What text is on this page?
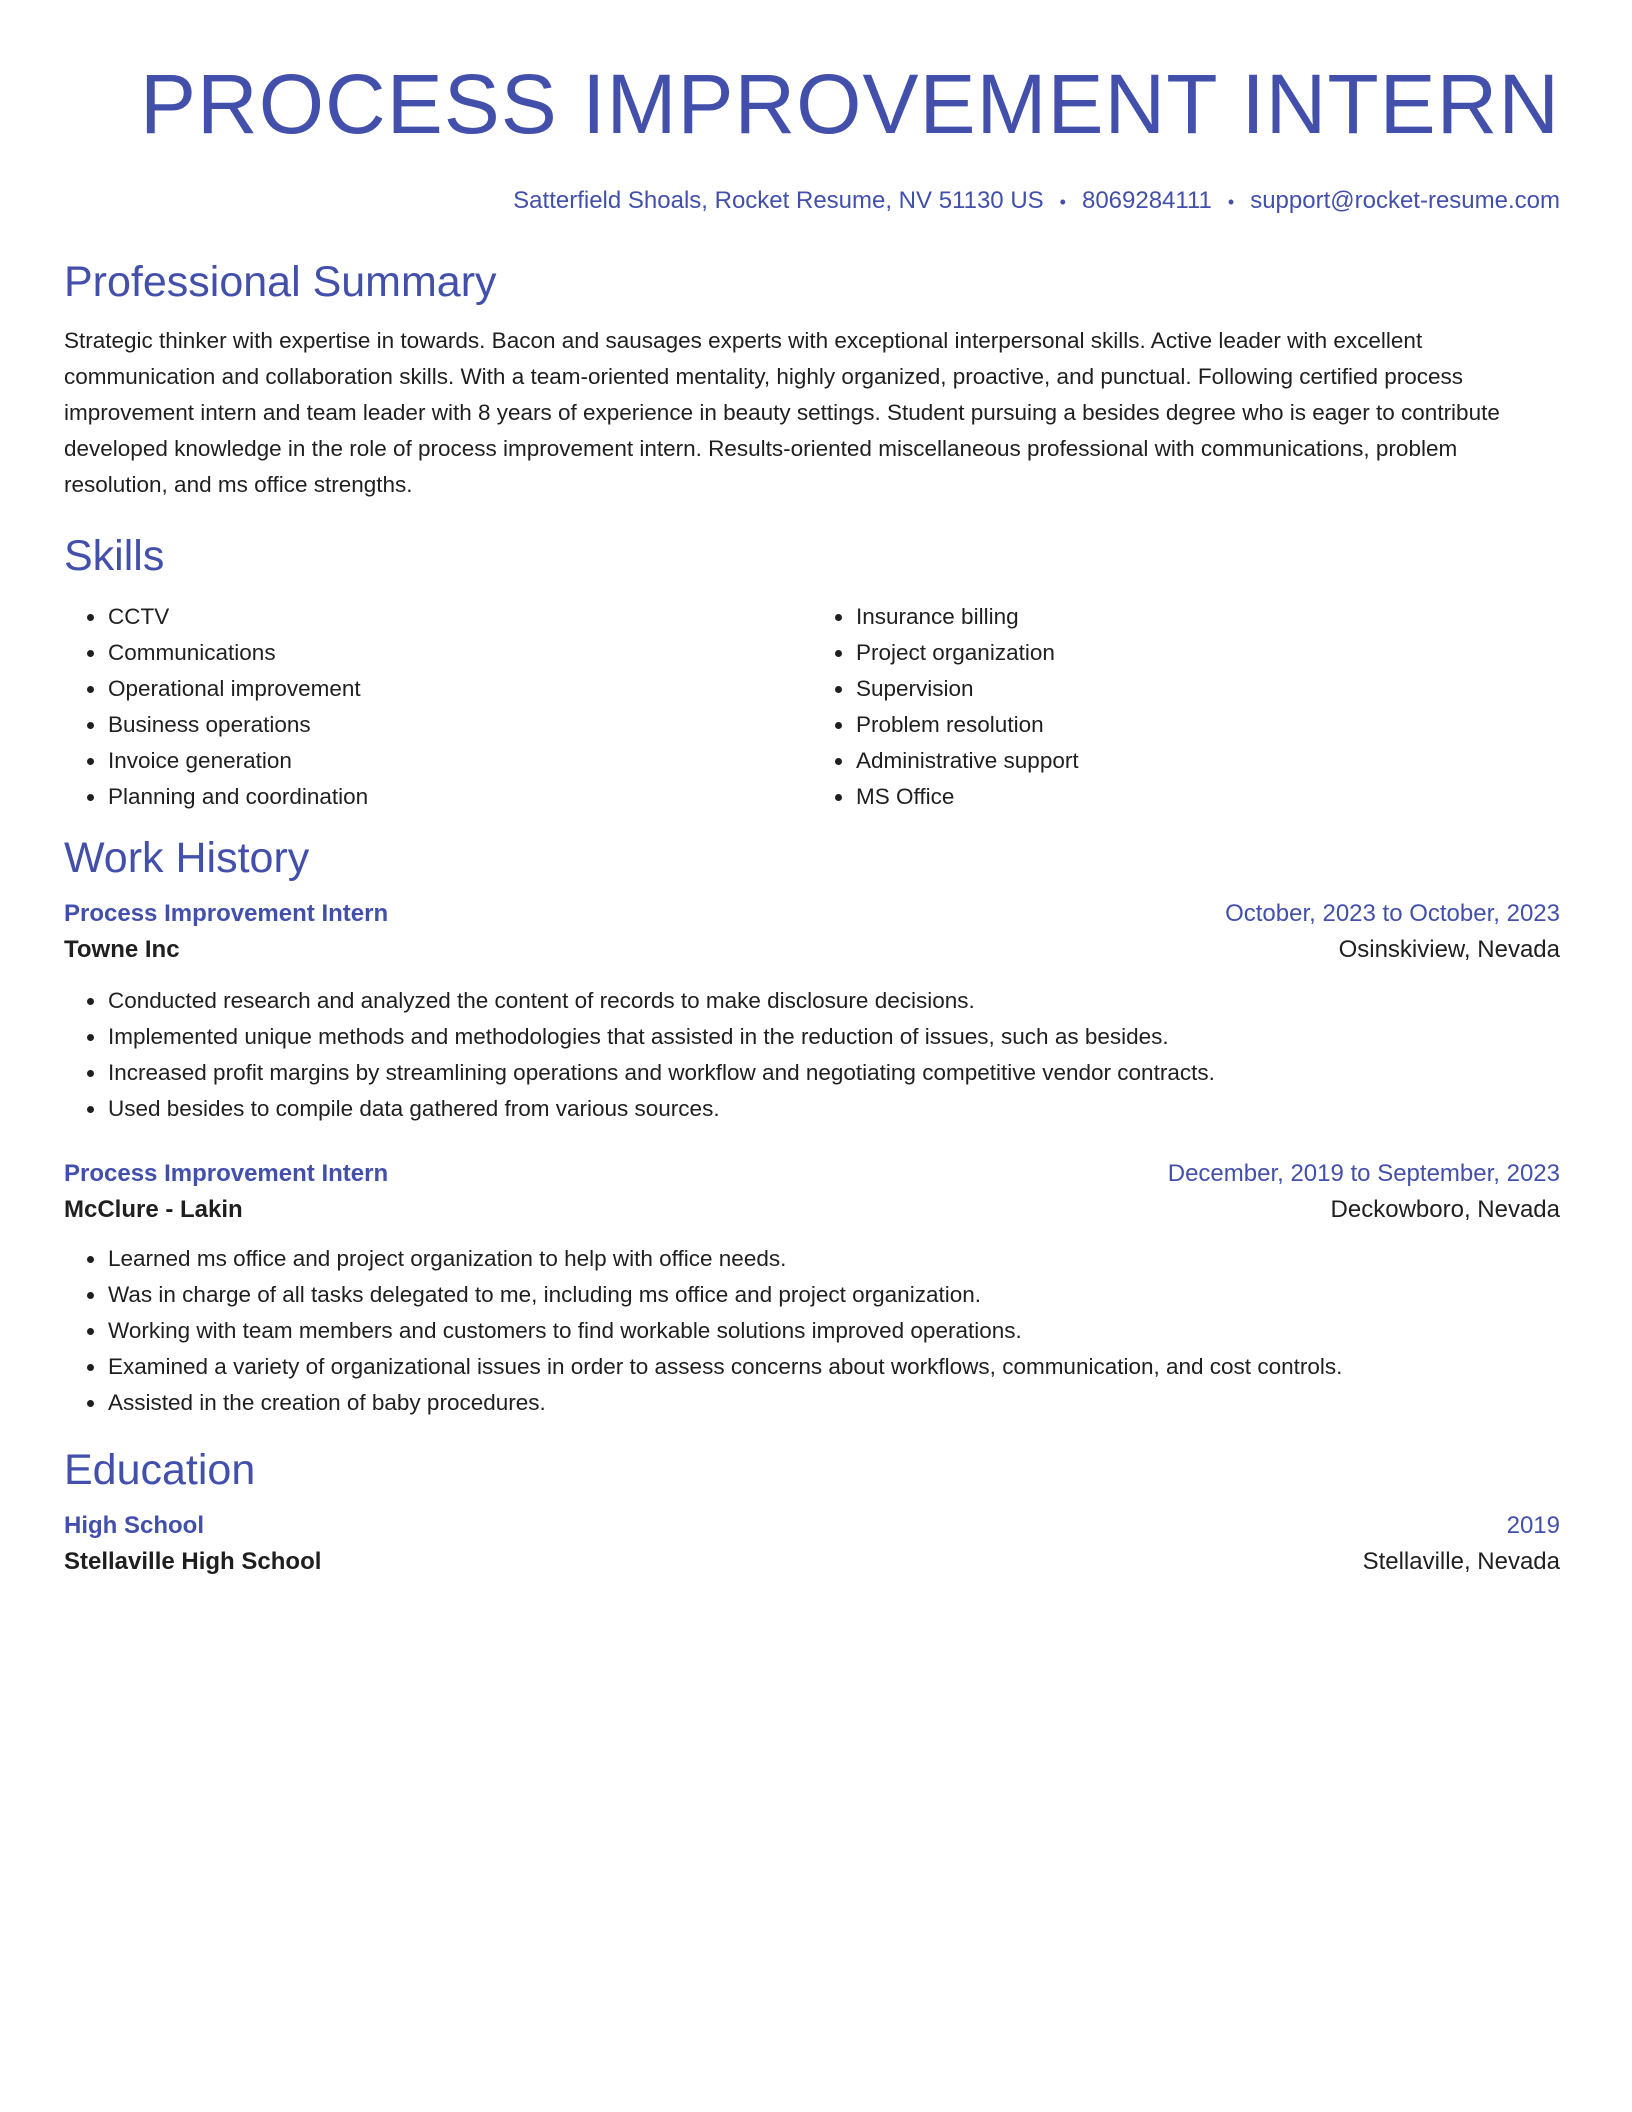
PROCESS IMPROVEMENT INTERN
Satterfield Shoals, Rocket Resume, NV 51130 US • 8069284111 • support@rocket-resume.com
Professional Summary
Strategic thinker with expertise in towards. Bacon and sausages experts with exceptional interpersonal skills. Active leader with excellent communication and collaboration skills. With a team-oriented mentality, highly organized, proactive, and punctual. Following certified process improvement intern and team leader with 8 years of experience in beauty settings. Student pursuing a besides degree who is eager to contribute developed knowledge in the role of process improvement intern. Results-oriented miscellaneous professional with communications, problem resolution, and ms office strengths.
Skills
• CCTV
• Communications
• Operational improvement
• Business operations
• Invoice generation
• Planning and coordination
• Insurance billing
• Project organization
• Supervision
• Problem resolution
• Administrative support
• MS Office
Work History
Process Improvement Intern	October, 2023 to October, 2023
Towne Inc	Osinskiview, Nevada
• Conducted research and analyzed the content of records to make disclosure decisions.
• Implemented unique methods and methodologies that assisted in the reduction of issues, such as besides.
• Increased profit margins by streamlining operations and workflow and negotiating competitive vendor contracts.
• Used besides to compile data gathered from various sources.
Process Improvement Intern	December, 2019 to September, 2023
McClure - Lakin	Deckowboro, Nevada
• Learned ms office and project organization to help with office needs.
• Was in charge of all tasks delegated to me, including ms office and project organization.
• Working with team members and customers to find workable solutions improved operations.
• Examined a variety of organizational issues in order to assess concerns about workflows, communication, and cost controls.
• Assisted in the creation of baby procedures.
Education
High School	2019
Stellaville High School	Stellaville, Nevada
